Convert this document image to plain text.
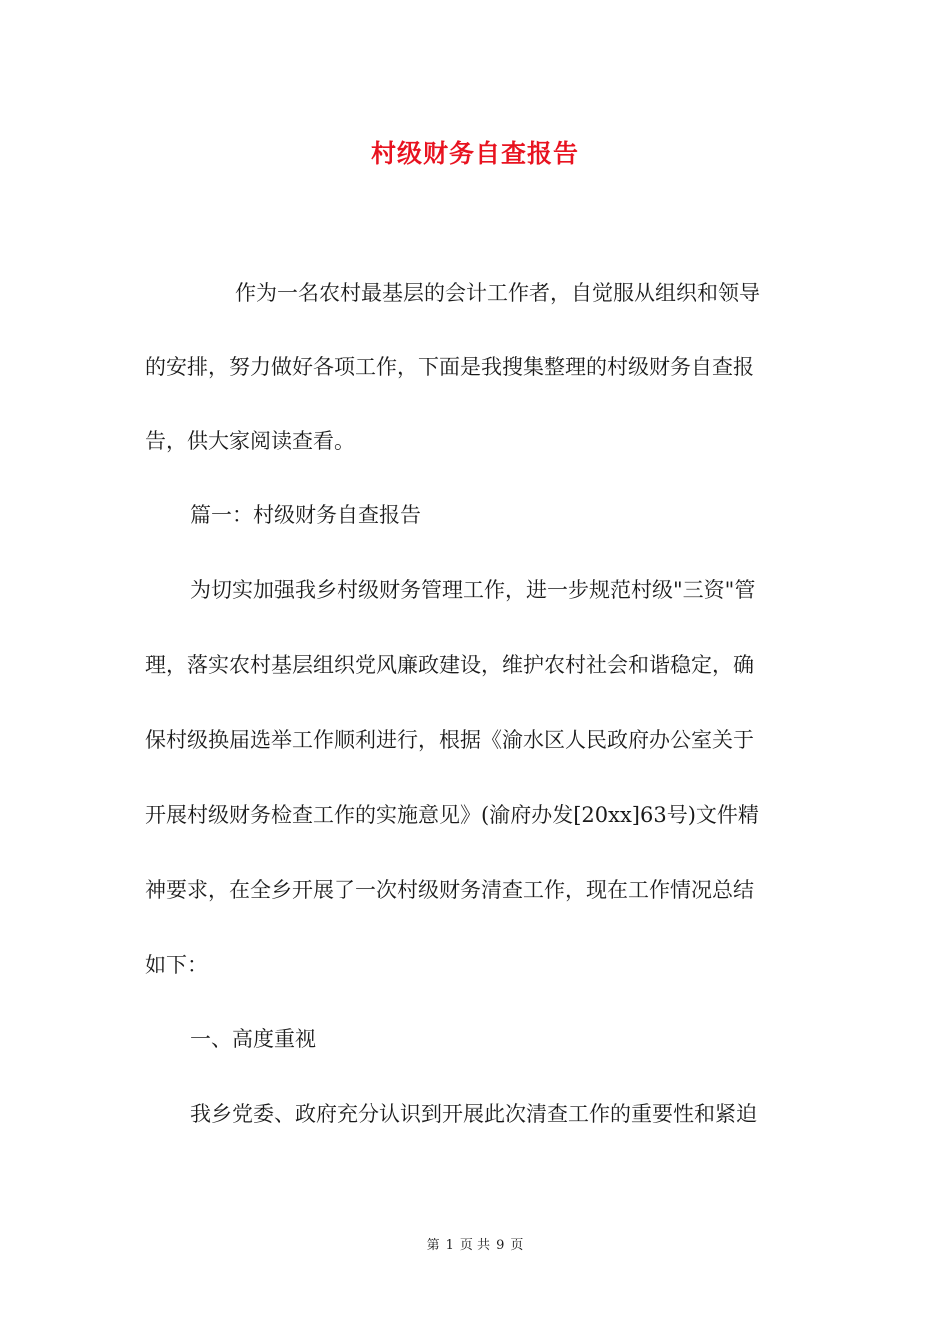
村级财务自查报告
作为一名农村最基层的会计工作者，自觉服从组织和领导
的安排，努力做好各项工作，下面是我搜集整理的村级财务自查报
告，供大家阅读查看。
篇一：村级财务自查报告
为切实加强我乡村级财务管理工作，进一步规范村级"三资"管
理，落实农村基层组织党风廉政建设，维护农村社会和谐稳定，确
保村级换届选举工作顺利进行，根据《渝水区人民政府办公室关于
开展村级财务检查工作的实施意见》(渝府办发[20xx]63号)文件精
神要求，在全乡开展了一次村级财务清查工作，现在工作情况总结
如下：
一、高度重视
我乡党委、政府充分认识到开展此次清查工作的重要性和紧迫
第 1 页 共 9 页
